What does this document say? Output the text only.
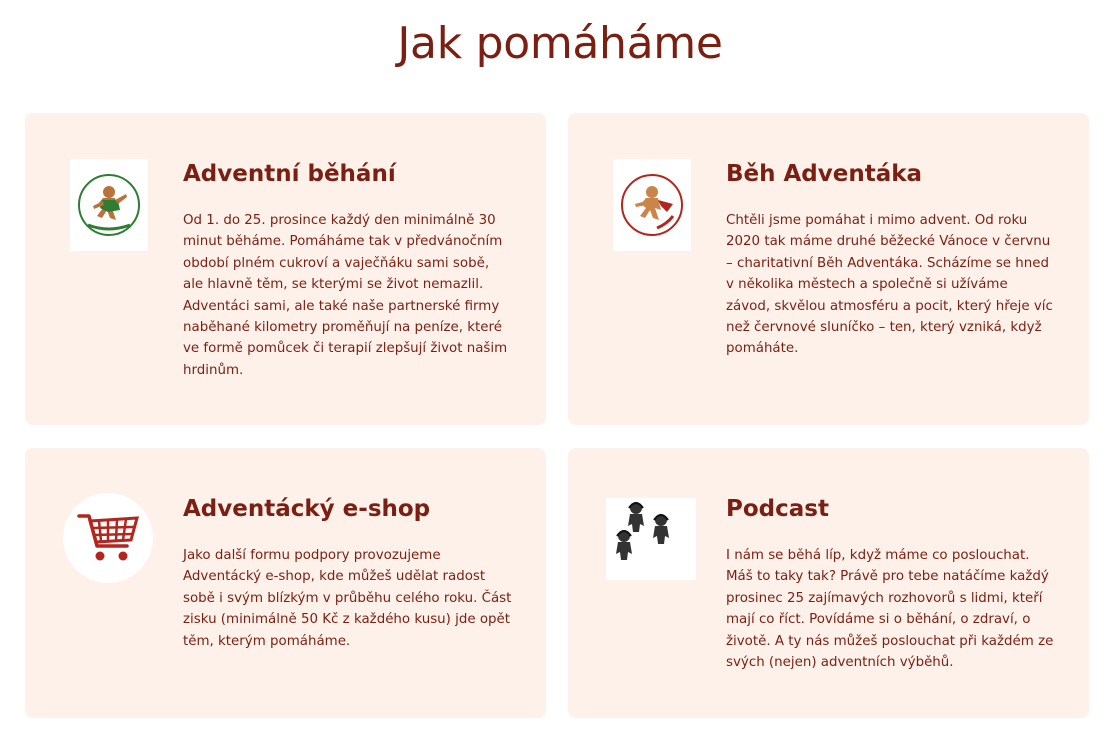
Jak pomáháme
Adventní běhání

Od 1. do 25. prosince každý den minimálně 30 minut běháme. Pomáháme tak v předvánočním období plném cukroví a vaječňáku sami sobě, ale hlavně těm, se kterými se život nemazlil. Adventáci sami, ale také naše partnerské firmy naběhané kilometry proměňují na peníze, které ve formě pomůcek či terapií zlepšují život našim hrdinům.

Běh Adventáka

Chtěli jsme pomáhat i mimo advent. Od roku 2020 tak máme druhé běžecké Vánoce v červnu – charitativní Běh Adventáka. Scházíme se hned v několika městech a společně si užíváme závod, skvělou atmosféru a pocit, který hřeje víc než červnové sluníčko – ten, který vzniká, když pomáháte.

Adventácký e-shop

Jako další formu podpory provozujeme Adventácký e-shop, kde můžeš udělat radost sobě i svým blízkým v průběhu celého roku. Část zisku (minimálně 50 Kč z každého kusu) jde opět těm, kterým pomáháme.

Podcast

I nám se běhá líp, když máme co poslouchat. Máš to taky tak? Právě pro tebe natáčíme každý prosinec 25 zajímavých rozhovorů s lidmi, kteří mají co říct. Povídáme si o běhání, o zdraví, o životě. A ty nás můžeš poslouchat při každém ze svých (nejen) adventních výběhů.
